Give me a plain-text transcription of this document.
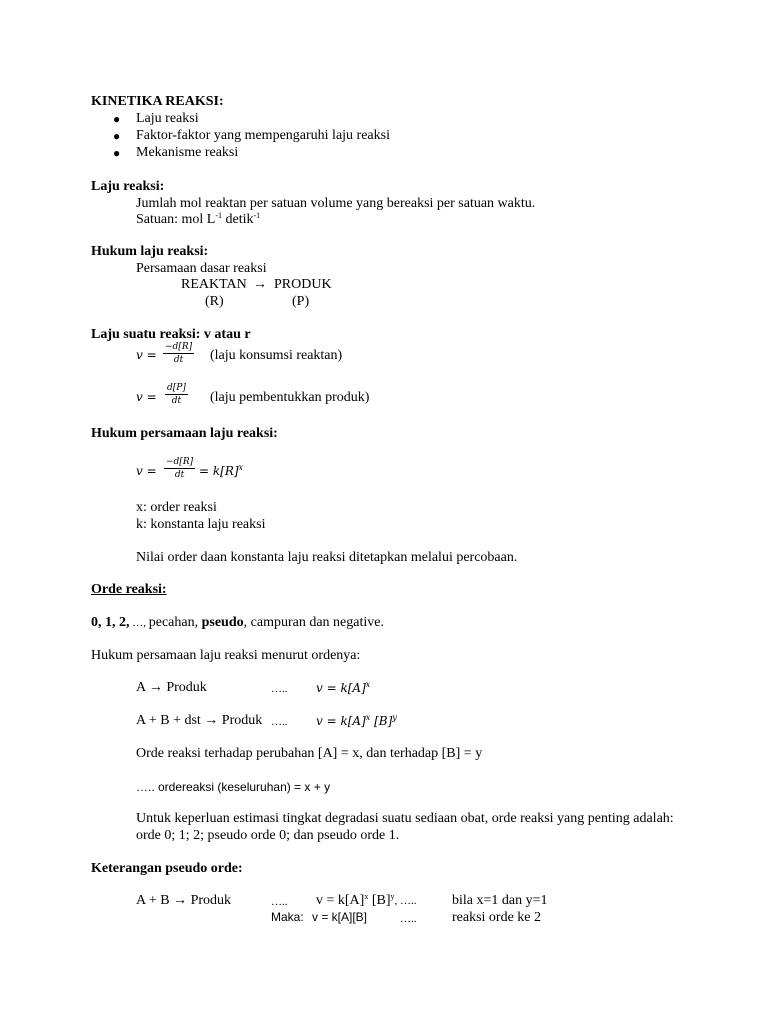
KINETIKA REAKSI:
● Laju reaksi
● Faktor-faktor yang mempengaruhi laju reaksi
● Mekanisme reaksi
Laju reaksi:
Jumlah mol reaktan per satuan volume yang bereaksi per satuan waktu.
Satuan: mol $L^{-1}$ detik$^{-1}$
Hukum laju reaksi:
Persamaan dasar reaksi
REAKTAN → PRODUK
(R)	(P)
Laju suatu reaksi: v atau r
$v = \frac{-d[R]}{dt}$ (laju konsumsi reaktan)
$v = \frac{d[P]}{dt}$ (laju pembentukkan produk)
Hukum persamaan laju reaksi:
$v = \frac{-d[R]}{dt} = k[R]^x$
x: order reaksi
k: konstanta laju reaksi
Nilai order daan konstanta laju reaksi ditetapkan melalui percobaan.
Orde reaksi:
0, 1, 2, …, pecahan, pseudo, campuran dan negative.
Hukum persamaan laju reaksi menurut ordenya:
A → Produk	….. $v = k[A]^x$
A + B + dst → Produk ….. $v = k[A]^x$ $[B]^y$
Orde reaksi terhadap perubahan [A] = x, dan terhadap [B] = y
….. ordereaksi (keseluruhan) = x + y
Untuk keperluan estimasi tingkat degradasi suatu sediaan obat, orde reaksi yang penting adalah:
orde 0; 1; 2; pseudo orde 0; dan pseudo orde 1.
Keterangan pseudo orde:
A + B → Produk	….. $v = k[A]^x$ $[B]^y$, …..	bila x=1 dan y=1
Maka: v = k[A][B]	…..	reaksi orde ke 2
